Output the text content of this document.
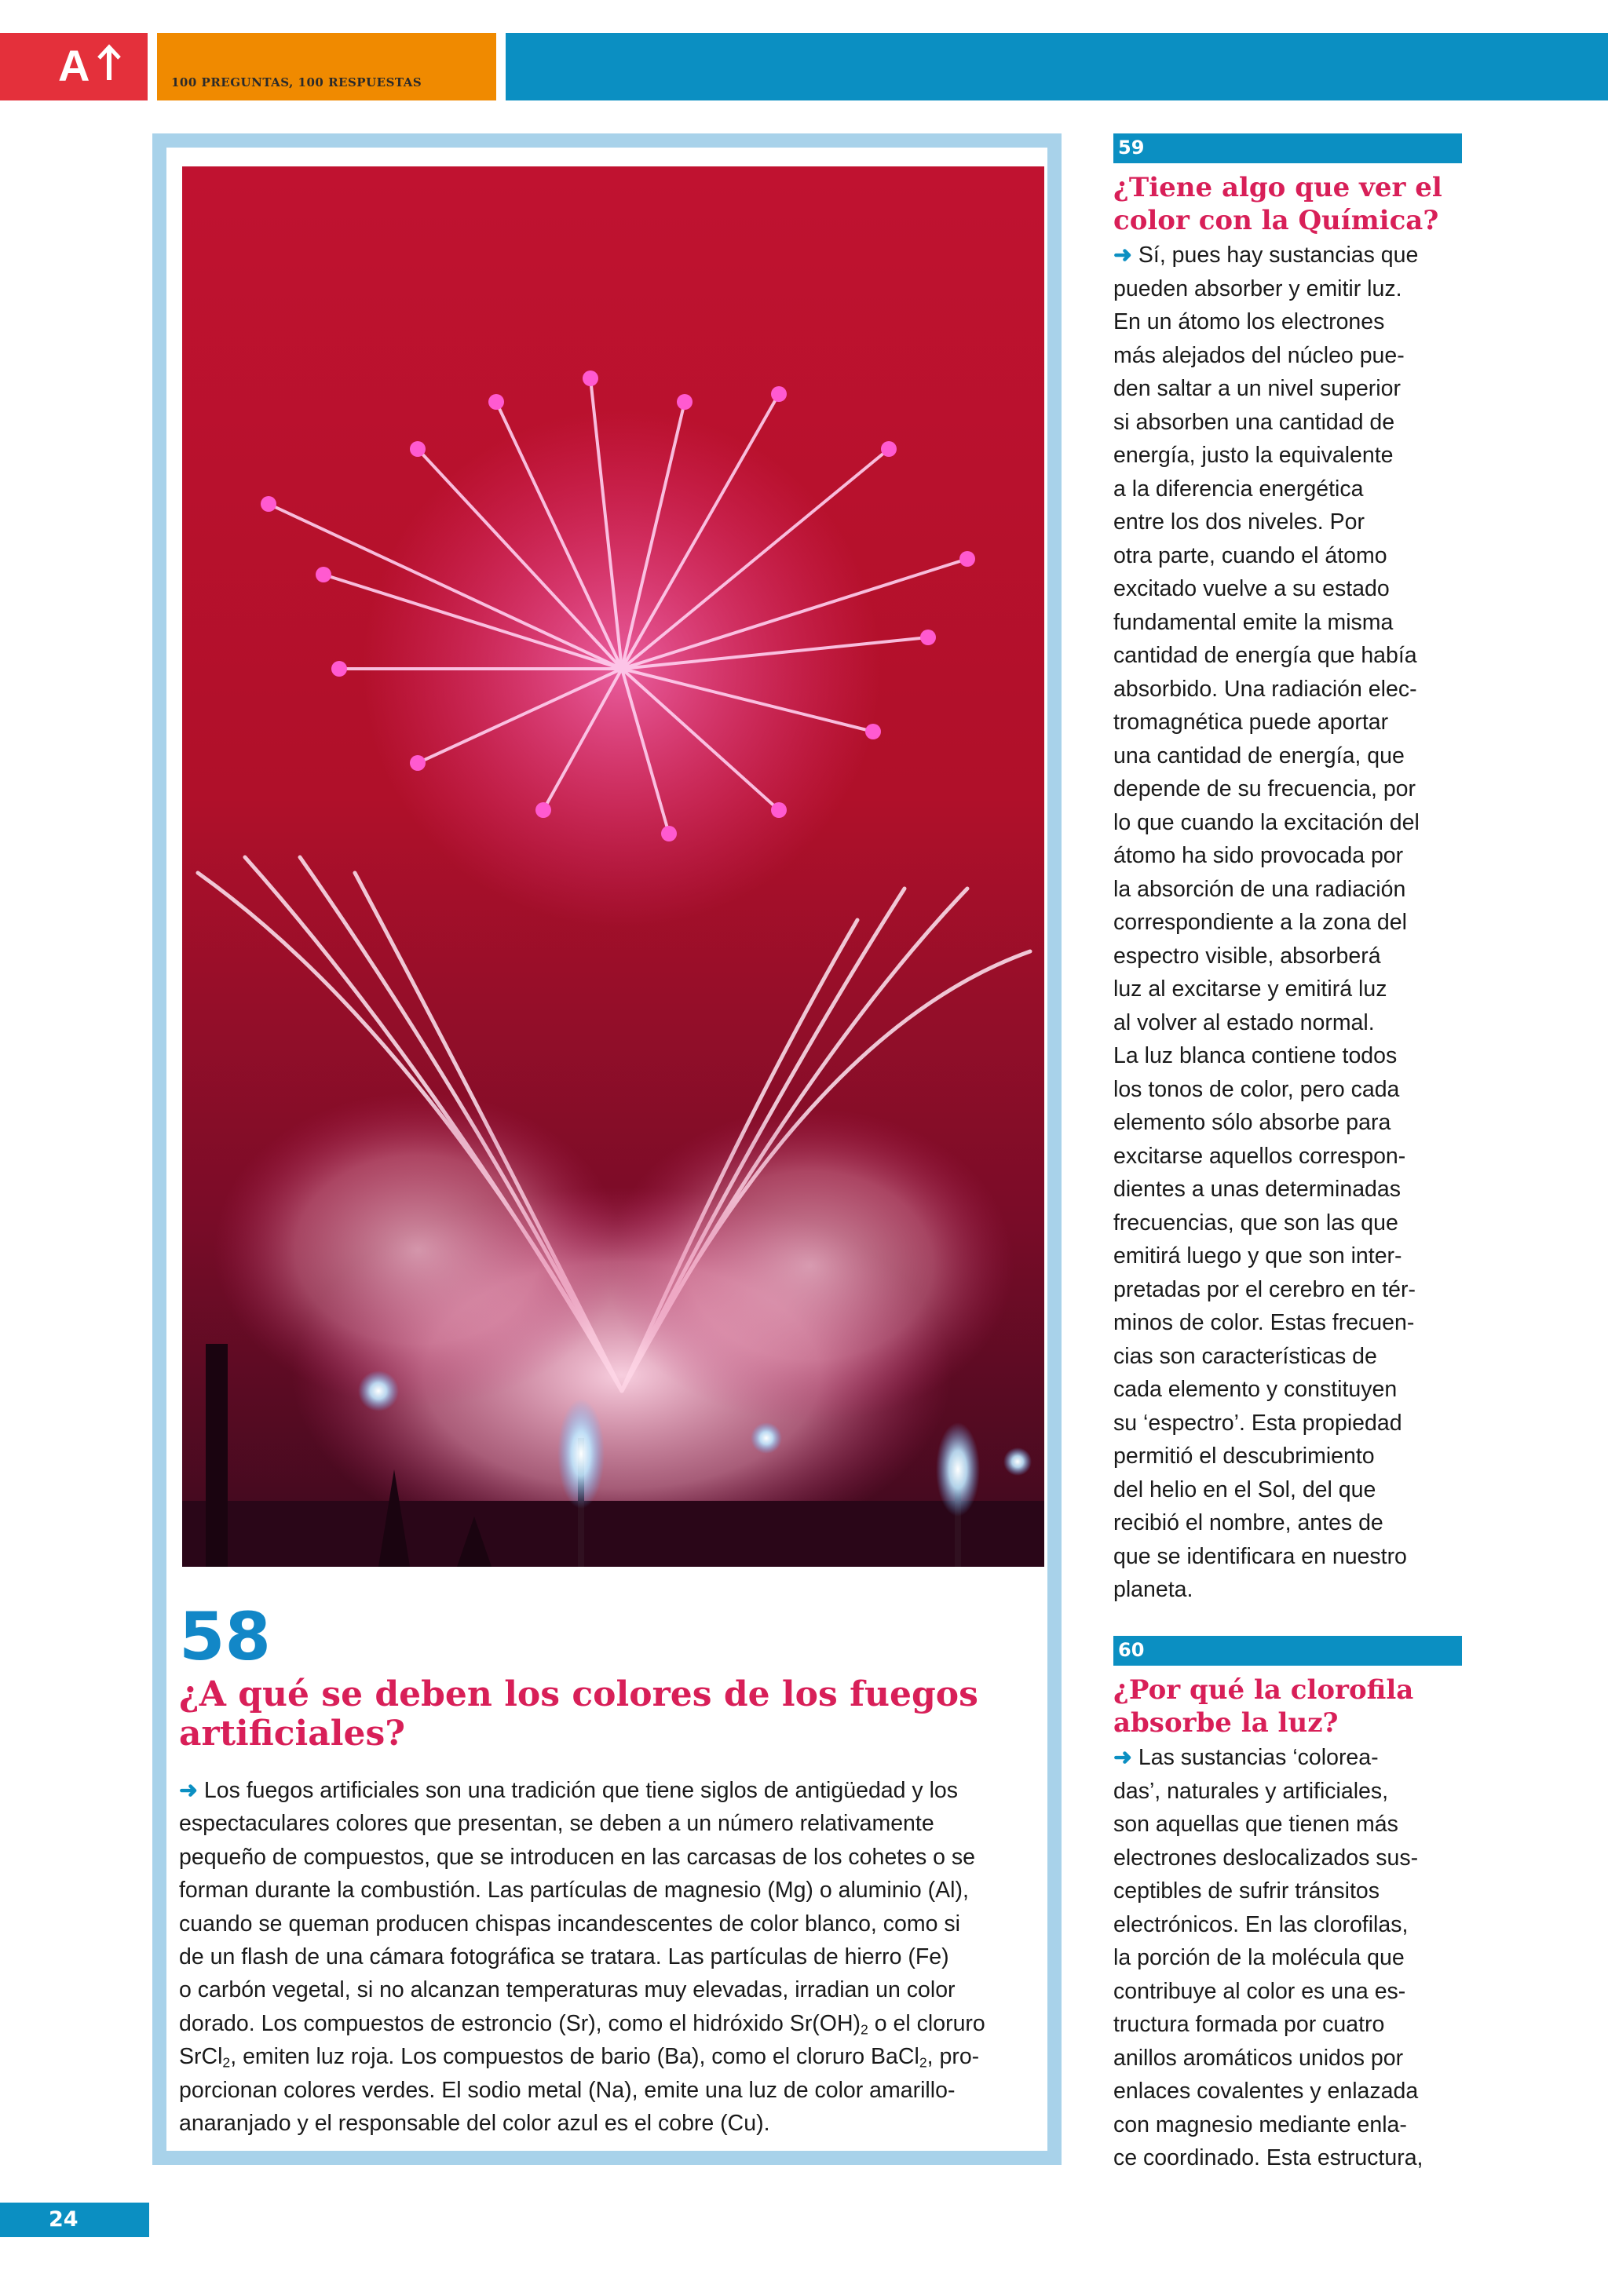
A	100 PREGUNTAS, 100 RESPUESTAS
58
¿A qué se deben los colores de los fuegos artificiales?
➜ Los fuegos artificiales son una tradición que tiene siglos de antigüedad y los
espectaculares colores que presentan, se deben a un número relativamente
pequeño de compuestos, que se introducen en las carcasas de los cohetes o se
forman durante la combustión. Las partículas de magnesio (Mg) o aluminio (Al),
cuando se queman producen chispas incandescentes de color blanco, como si
de un flash de una cámara fotográfica se tratara. Las partículas de hierro (Fe)
o carbón vegetal, si no alcanzan temperaturas muy elevadas, irradian un color
dorado. Los compuestos de estroncio (Sr), como el hidróxido $Sr(OH)_2$ o el cloruro
SrCl$_2$, emiten luz roja. Los compuestos de bario (Ba), como el cloruro BaCl$_2$, pro-
porcionan colores verdes. El sodio metal (Na), emite una luz de color amarillo-
anaranjado y el responsable del color azul es el cobre (Cu).
59
¿Tiene algo que ver el color con la Química?
➜ Sí, pues hay sustancias que
pueden absorber y emitir luz.
En un átomo los electrones
más alejados del núcleo pue-
den saltar a un nivel superior
si absorben una cantidad de
energía, justo la equivalente
a la diferencia energética
entre los dos niveles. Por
otra parte, cuando el átomo
excitado vuelve a su estado
fundamental emite la misma
cantidad de energía que había
absorbido. Una radiación elec-
tromagnética puede aportar
una cantidad de energía, que
depende de su frecuencia, por
lo que cuando la excitación del
átomo ha sido provocada por
la absorción de una radiación
correspondiente a la zona del
espectro visible, absorberá
luz al excitarse y emitirá luz
al volver al estado normal.
La luz blanca contiene todos
los tonos de color, pero cada
elemento sólo absorbe para
excitarse aquellos correspon-
dientes a unas determinadas
frecuencias, que son las que
emitirá luego y que son inter-
pretadas por el cerebro en tér-
minos de color. Estas frecuen-
cias son características de
cada elemento y constituyen
su ‘espectro’. Esta propiedad
permitió el descubrimiento
del helio en el Sol, del que
recibió el nombre, antes de
que se identificara en nuestro
planeta.
60
¿Por qué la clorofila absorbe la luz?
➜ Las sustancias ‘colorea-
das’, naturales y artificiales,
son aquellas que tienen más
electrones deslocalizados sus-
ceptibles de sufrir tránsitos
electrónicos. En las clorofilas,
la porción de la molécula que
contribuye al color es una es-
tructura formada por cuatro
anillos aromáticos unidos por
enlaces covalentes y enlazada
con magnesio mediante enla-
ce coordinado. Esta estructura,
24
